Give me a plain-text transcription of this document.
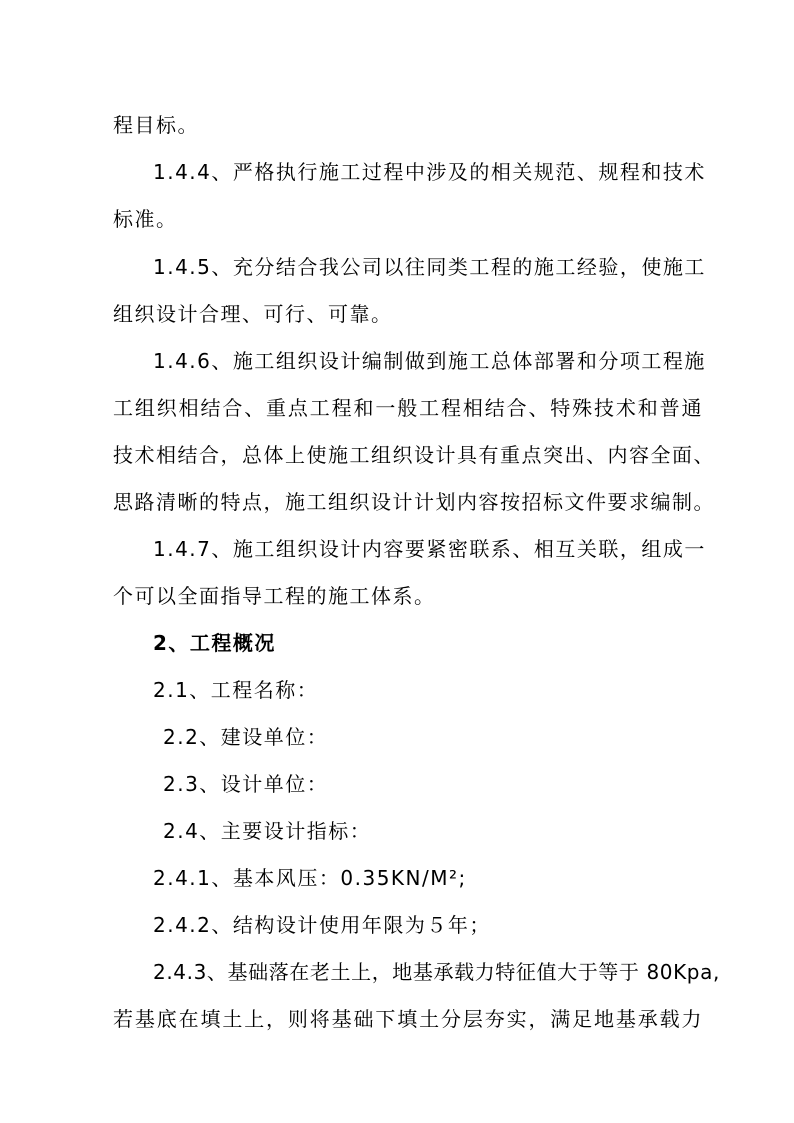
程目标。
1.4.4、严格执行施工过程中涉及的相关规范、规程和技术
标准。
1.4.5、充分结合我公司以往同类工程的施工经验，使施工
组织设计合理、可行、可靠。
1.4.6、施工组织设计编制做到施工总体部署和分项工程施
工组织相结合、重点工程和一般工程相结合、特殊技术和普通
技术相结合，总体上使施工组织设计具有重点突出、内容全面、
思路清晰的特点，施工组织设计计划内容按招标文件要求编制。
1.4.7、施工组织设计内容要紧密联系、相互关联，组成一
个可以全面指导工程的施工体系。
2、工程概况
2.1、工程名称：
2.2、建设单位：
2.3、设计单位：
2.4、主要设计指标：
2.4.1、基本风压：0.35KN/M²;
2.4.2、结构设计使用年限为５年；
2.4.3、基础落在老土上，地基承载力特征值大于等于 80Kpa,
若基底在填土上，则将基础下填土分层夯实，满足地基承载力
